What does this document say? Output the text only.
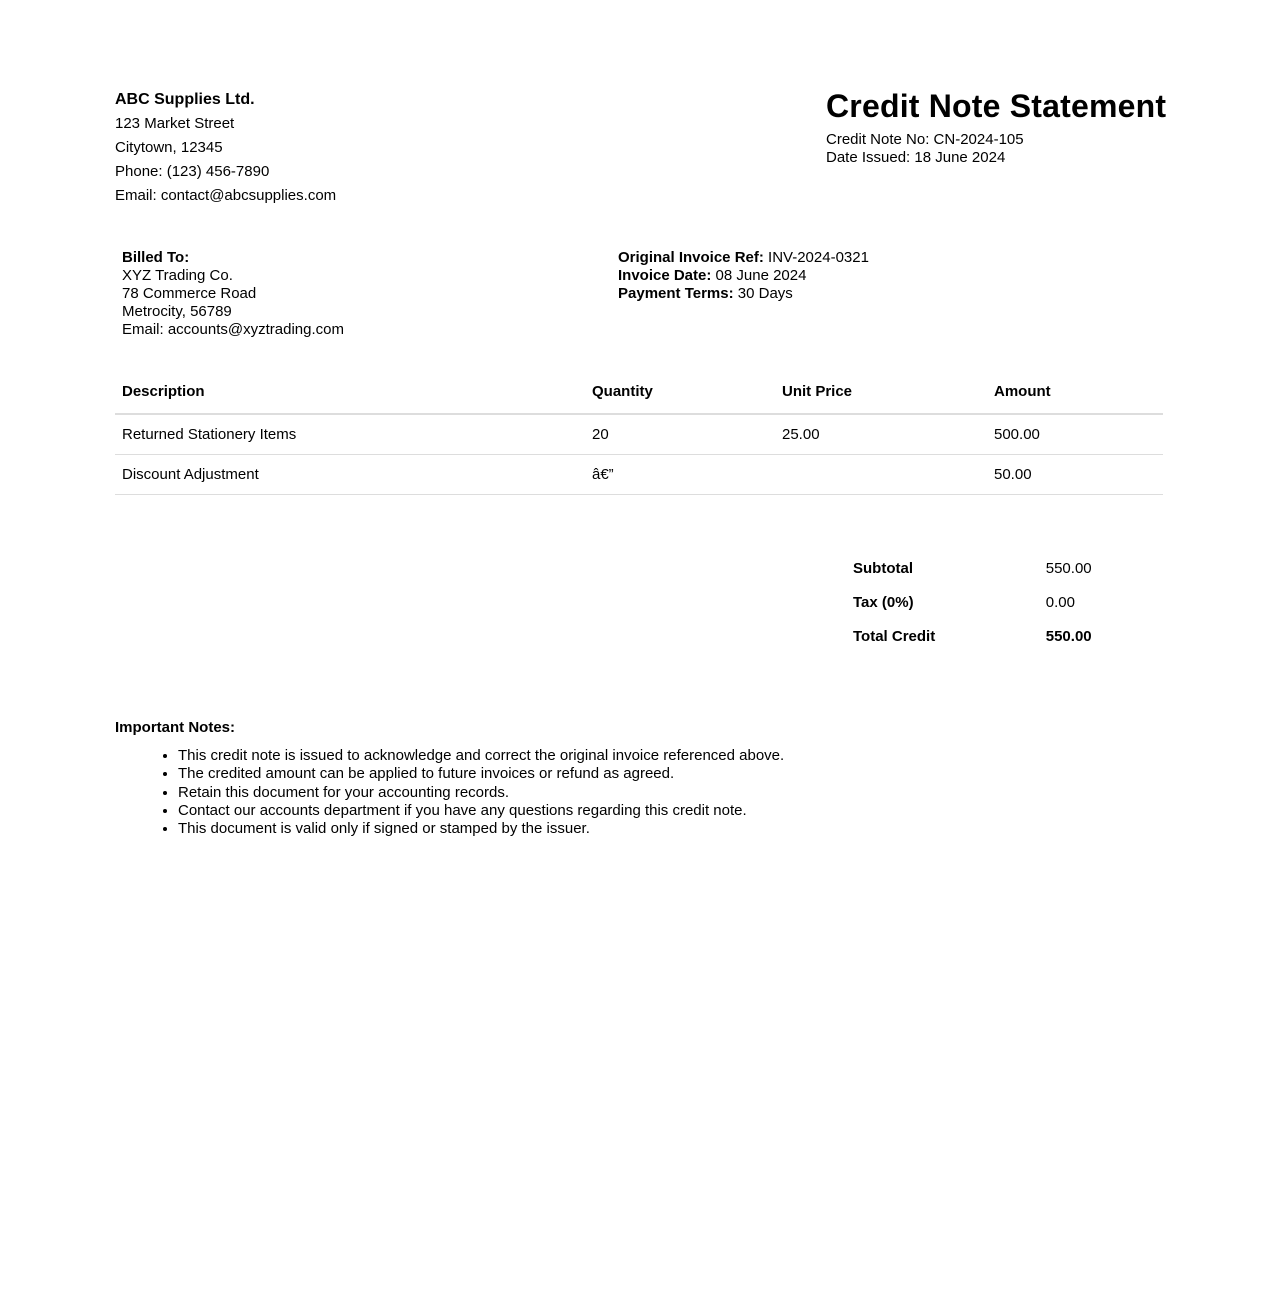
ABC Supplies Ltd.
123 Market Street
Citytown, 12345
Phone: (123) 456-7890
Email: contact@abcsupplies.com
Credit Note Statement
Credit Note No: CN-2024-105
Date Issued: 18 June 2024
Billed To:
XYZ Trading Co.
78 Commerce Road
Metrocity, 56789
Email: accounts@xyztrading.com
Original Invoice Ref: INV-2024-0321
Invoice Date: 08 June 2024
Payment Terms: 30 Days
Description	Quantity	Unit Price	Amount
Returned Stationery Items	20	25.00	500.00
Discount Adjustment	â€”		50.00
Subtotal	550.00
Tax (0%)	0.00
Total Credit	550.00
Important Notes:
• This credit note is issued to acknowledge and correct the original invoice referenced above.
• The credited amount can be applied to future invoices or refund as agreed.
• Retain this document for your accounting records.
• Contact our accounts department if you have any questions regarding this credit note.
• This document is valid only if signed or stamped by the issuer.
